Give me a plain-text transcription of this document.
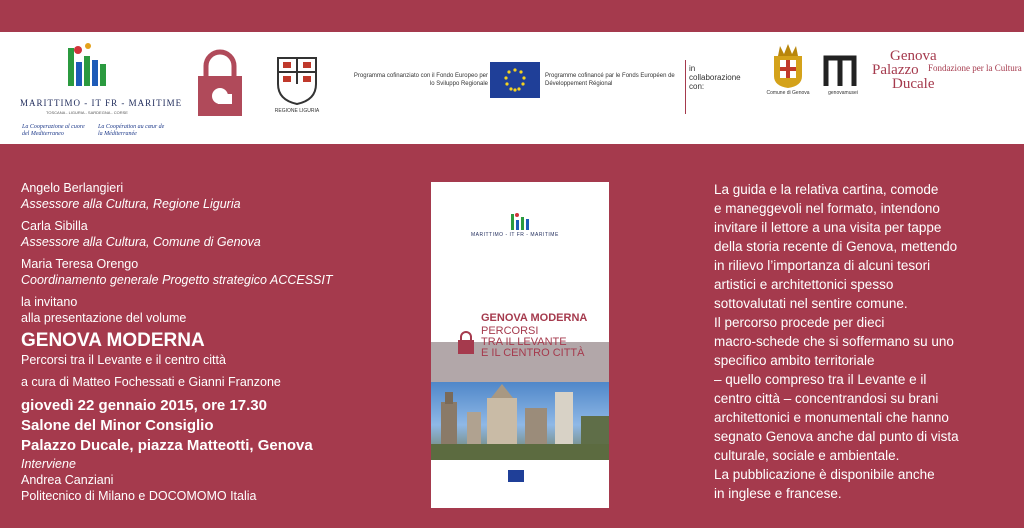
MARITTIMO - IT FR - MARITIME
TOSCANA - LIGURIA - SARDEGNA - CORSE
La Cooperazione al cuore del Mediterraneo
La Coopération au cœur de la Méditerranée
REGIONE LIGURIA
Programma cofinanziato con il Fondo Europeo per lo Sviluppo Regionale
Programme cofinancé par le Fonds Européen de Développement Régional
in collaborazione con:
Comune di Genova	genovamusei
Genova
Palazzo
Ducale
Fondazione per la Cultura
Angelo Berlangieri
Assessore alla Cultura, Regione Liguria
Carla Sibilla
Assessore alla Cultura, Comune di Genova
Maria Teresa Orengo
Coordinamento generale Progetto strategico ACCESSIT
la invitano
alla presentazione del volume
GENOVA MODERNA
Percorsi tra il Levante e il centro città
a cura di Matteo Fochessati e Gianni Franzone
giovedì 22 gennaio 2015, ore 17.30
Salone del Minor Consiglio
Palazzo Ducale, piazza Matteotti, Genova
Interviene
Andrea Canziani
Politecnico di Milano e DOCOMOMO Italia
MARITTIMO - IT FR - MARITIME
GENOVA MODERNA
PERCORSI
TRA IL LEVANTE
E IL CENTRO CITTÀ
La guida e la relativa cartina, comode
e maneggevoli nel formato, intendono
invitare il lettore a una visita per tappe
della storia recente di Genova, mettendo
in rilievo l’importanza di alcuni tesori
artistici e architettonici spesso
sottovalutati nel sentire comune.
Il percorso procede per dieci
macro-schede che si soffermano su uno
specifico ambito territoriale
– quello compreso tra il Levante e il
centro città – concentrandosi su brani
architettonici e monumentali che hanno
segnato Genova anche dal punto di vista
culturale, sociale e ambientale.
La pubblicazione è disponibile anche
in inglese e francese.
